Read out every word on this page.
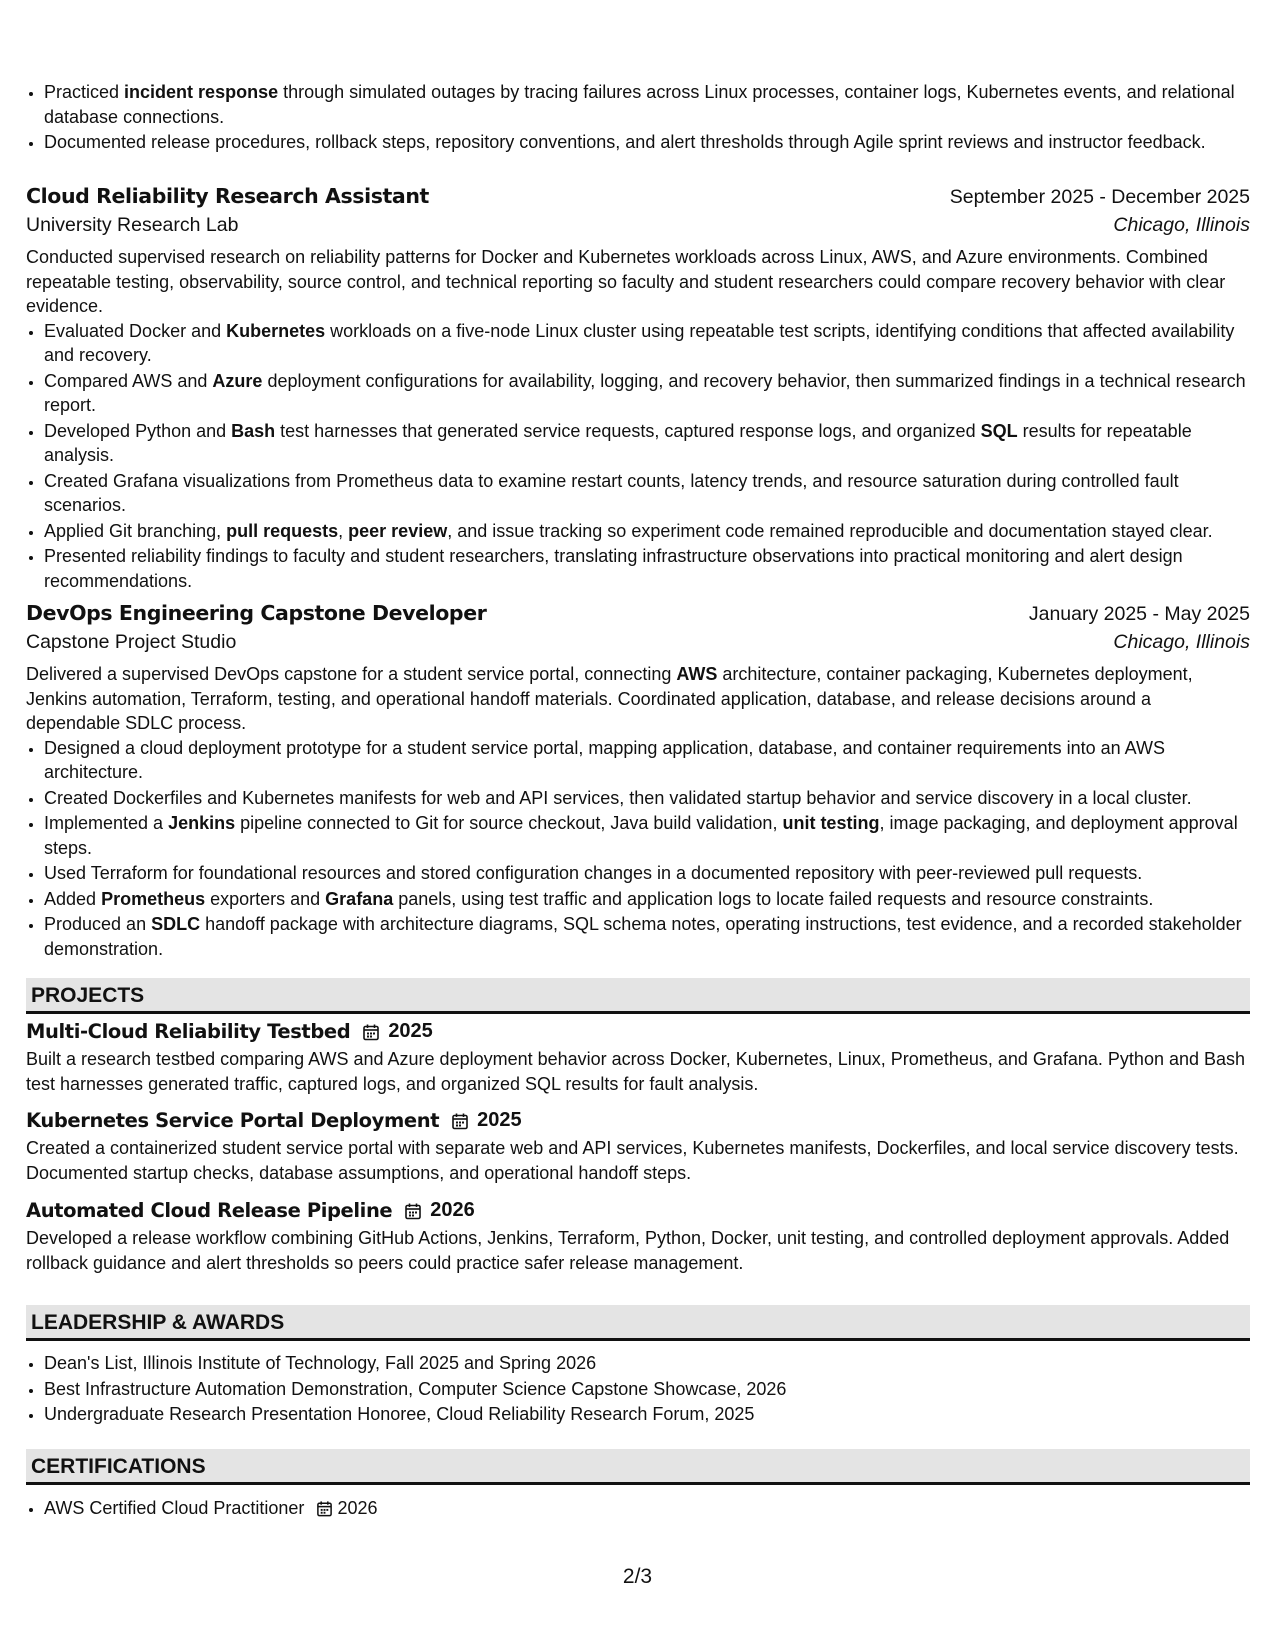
• Practiced incident response through simulated outages by tracing failures across Linux processes, container logs, Kubernetes events, and relational database connections.
• Documented release procedures, rollback steps, repository conventions, and alert thresholds through Agile sprint reviews and instructor feedback.
Cloud Reliability Research Assistant	September 2025 - December 2025
University Research Lab	Chicago, Illinois
Conducted supervised research on reliability patterns for Docker and Kubernetes workloads across Linux, AWS, and Azure environments. Combined repeatable testing, observability, source control, and technical reporting so faculty and student researchers could compare recovery behavior with clear evidence.
• Evaluated Docker and Kubernetes workloads on a five-node Linux cluster using repeatable test scripts, identifying conditions that affected availability and recovery.
• Compared AWS and Azure deployment configurations for availability, logging, and recovery behavior, then summarized findings in a technical research report.
• Developed Python and Bash test harnesses that generated service requests, captured response logs, and organized SQL results for repeatable analysis.
• Created Grafana visualizations from Prometheus data to examine restart counts, latency trends, and resource saturation during controlled fault scenarios.
• Applied Git branching, pull requests, peer review, and issue tracking so experiment code remained reproducible and documentation stayed clear.
• Presented reliability findings to faculty and student researchers, translating infrastructure observations into practical monitoring and alert design recommendations.
DevOps Engineering Capstone Developer	January 2025 - May 2025
Capstone Project Studio	Chicago, Illinois
Delivered a supervised DevOps capstone for a student service portal, connecting AWS architecture, container packaging, Kubernetes deployment, Jenkins automation, Terraform, testing, and operational handoff materials. Coordinated application, database, and release decisions around a dependable SDLC process.
• Designed a cloud deployment prototype for a student service portal, mapping application, database, and container requirements into an AWS architecture.
• Created Dockerfiles and Kubernetes manifests for web and API services, then validated startup behavior and service discovery in a local cluster.
• Implemented a Jenkins pipeline connected to Git for source checkout, Java build validation, unit testing, image packaging, and deployment approval steps.
• Used Terraform for foundational resources and stored configuration changes in a documented repository with peer-reviewed pull requests.
• Added Prometheus exporters and Grafana panels, using test traffic and application logs to locate failed requests and resource constraints.
• Produced an SDLC handoff package with architecture diagrams, SQL schema notes, operating instructions, test evidence, and a recorded stakeholder demonstration.
PROJECTS
Multi-Cloud Reliability Testbed 2025
Built a research testbed comparing AWS and Azure deployment behavior across Docker, Kubernetes, Linux, Prometheus, and Grafana. Python and Bash test harnesses generated traffic, captured logs, and organized SQL results for fault analysis.
Kubernetes Service Portal Deployment 2025
Created a containerized student service portal with separate web and API services, Kubernetes manifests, Dockerfiles, and local service discovery tests. Documented startup checks, database assumptions, and operational handoff steps.
Automated Cloud Release Pipeline 2026
Developed a release workflow combining GitHub Actions, Jenkins, Terraform, Python, Docker, unit testing, and controlled deployment approvals. Added rollback guidance and alert thresholds so peers could practice safer release management.
LEADERSHIP & AWARDS
• Dean's List, Illinois Institute of Technology, Fall 2025 and Spring 2026
• Best Infrastructure Automation Demonstration, Computer Science Capstone Showcase, 2026
• Undergraduate Research Presentation Honoree, Cloud Reliability Research Forum, 2025
CERTIFICATIONS
• AWS Certified Cloud Practitioner 2026
2/3
